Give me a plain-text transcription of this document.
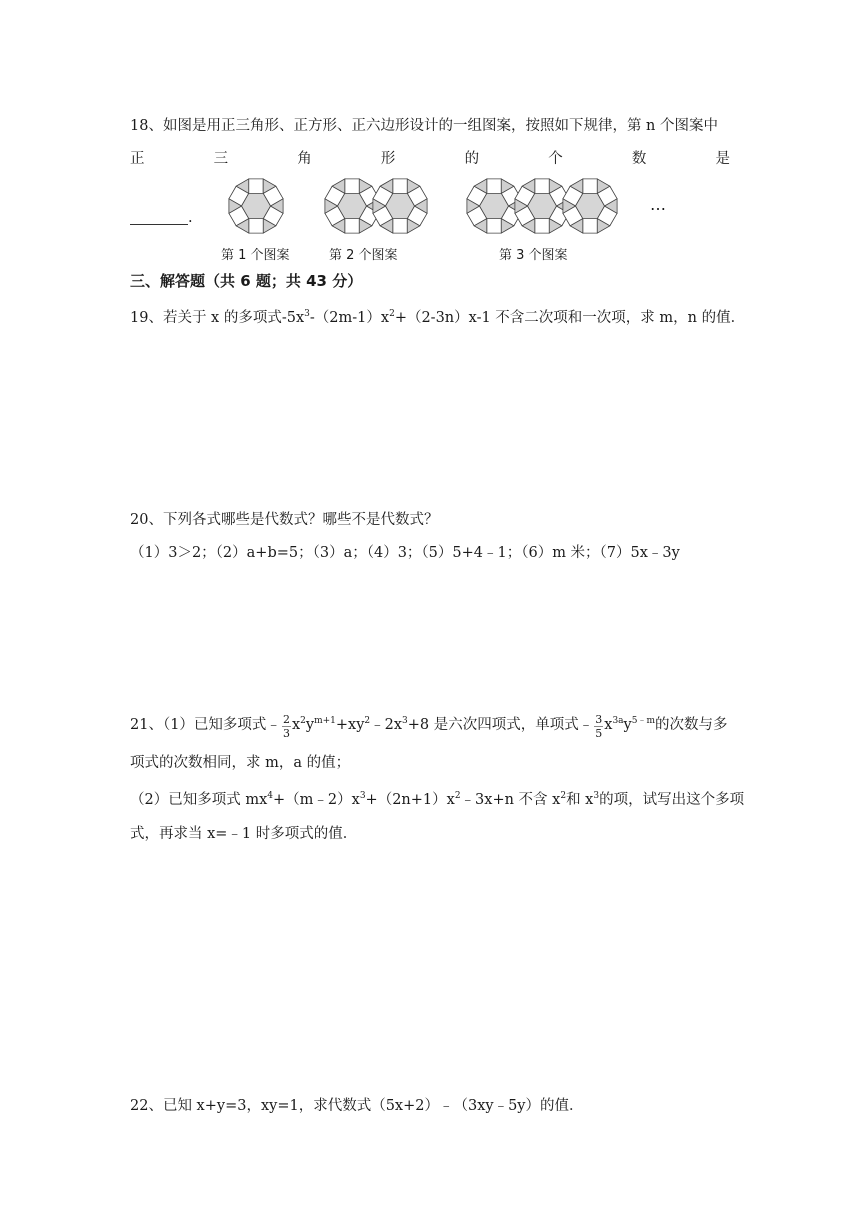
18、如图是用正三角形、正方形、正六边形设计的一组图案，按照如下规律，第 n 个图案中
正	三	角	形	的	个	数	是
.
第 1 个图案	第 2 个图案	第 3 个图案
…
三、解答题（共 6 题；共 43 分）
19、若关于 x 的多项式$-5x^3-(2m-1)x^2+(2-3n)x-1$ 不含二次项和一次项，求 m，n 的值．
20、下列各式哪些是代数式？哪些不是代数式？
（1）3＞2；（2）a+b=5；（3）a；（4）3；（5）5+4﹣1；（6）m 米；（7）5x﹣3y
21、（1）已知多项式﹣ $\frac{2}{3}$ $x^2y^{m+1}+xy^2﹣2x^3+8$ 是六次四项式，单项式﹣ $\frac{3}{5} x^{3a}y^{5﹣m}$的次数与多
项式的次数相同，求 m，a 的值；
（2）已知多项式 $mx^4+(m﹣2)x^3+(2n+1)x^2﹣3x+n$ 不含 $x^2$和 $x^3$的项，试写出这个多项
式，再求当 x=﹣1 时多项式的值．
22、已知 x+y=3，xy=1，求代数式（5x+2）﹣（3xy﹣5y）的值．
